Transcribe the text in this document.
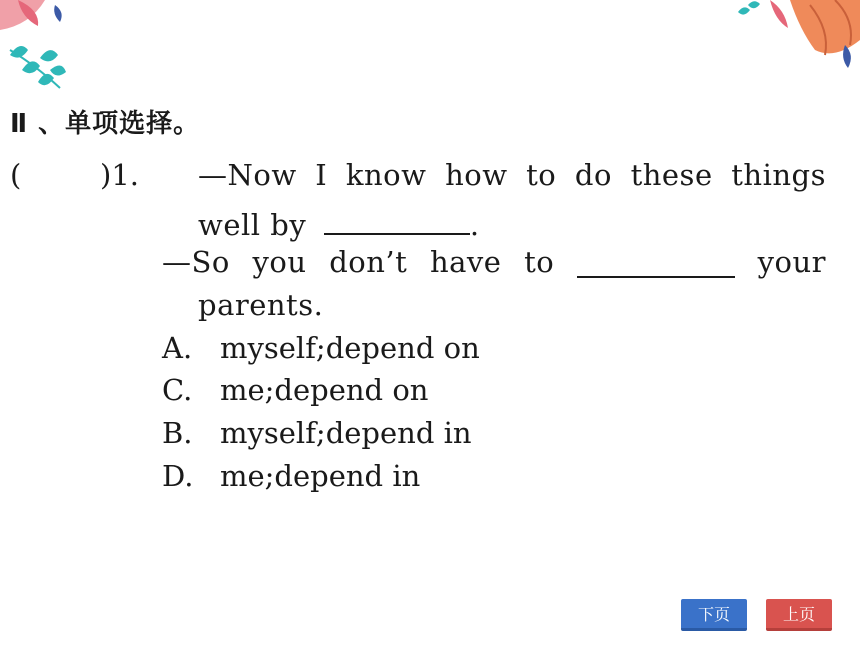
Ⅱ 、单项选择。
(	)1. —Now I know how to do these things
well by	.
—So you don’t have to	your
parents.
A. myself;depend on
C. me;depend on
B. myself;depend in
D. me;depend in
下页	上页
